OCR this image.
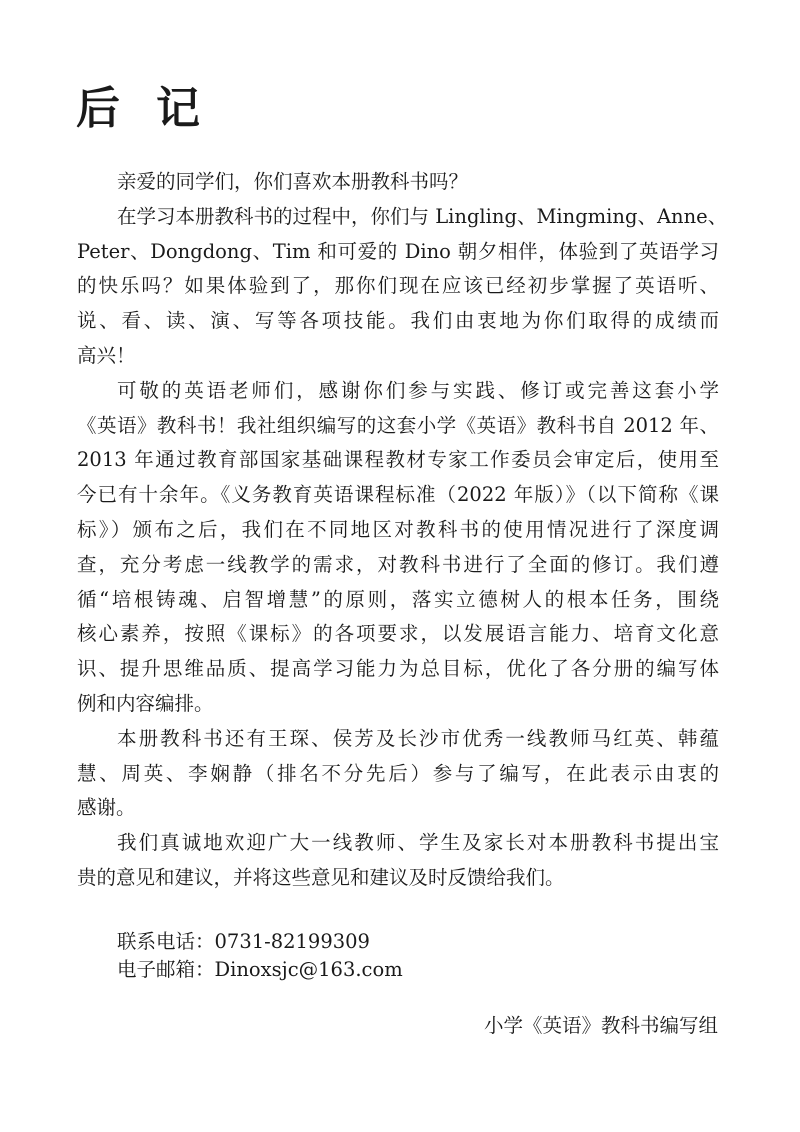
后记
亲爱的同学们，你们喜欢本册教科书吗？
在学习本册教科书的过程中，你们与 Lingling、Mingming、Anne、
Peter、Dongdong、Tim 和可爱的 Dino 朝夕相伴，体验到了英语学习
的快乐吗？如果体验到了，那你们现在应该已经初步掌握了英语听、
说、看、读、演、写等各项技能。我们由衷地为你们取得的成绩而
高兴！
可敬的英语老师们，感谢你们参与实践、修订或完善这套小学
《英语》教科书！我社组织编写的这套小学《英语》教科书自 2012 年、
2013 年通过教育部国家基础课程教材专家工作委员会审定后，使用至
今已有十余年。《义务教育英语课程标准（2022 年版）》（以下简称《课
标》）颁布之后，我们在不同地区对教科书的使用情况进行了深度调
查，充分考虑一线教学的需求，对教科书进行了全面的修订。我们遵
循“培根铸魂、启智增慧”的原则，落实立德树人的根本任务，围绕
核心素养，按照《课标》的各项要求，以发展语言能力、培育文化意
识、提升思维品质、提高学习能力为总目标，优化了各分册的编写体
例和内容编排。
本册教科书还有王琛、侯芳及长沙市优秀一线教师马红英、韩蕴
慧、周英、李娴静（排名不分先后）参与了编写，在此表示由衷的
感谢。
我们真诚地欢迎广大一线教师、学生及家长对本册教科书提出宝
贵的意见和建议，并将这些意见和建议及时反馈给我们。
联系电话：0731-82199309
电子邮箱：Dinoxsjc@163.com
小学《英语》教科书编写组
